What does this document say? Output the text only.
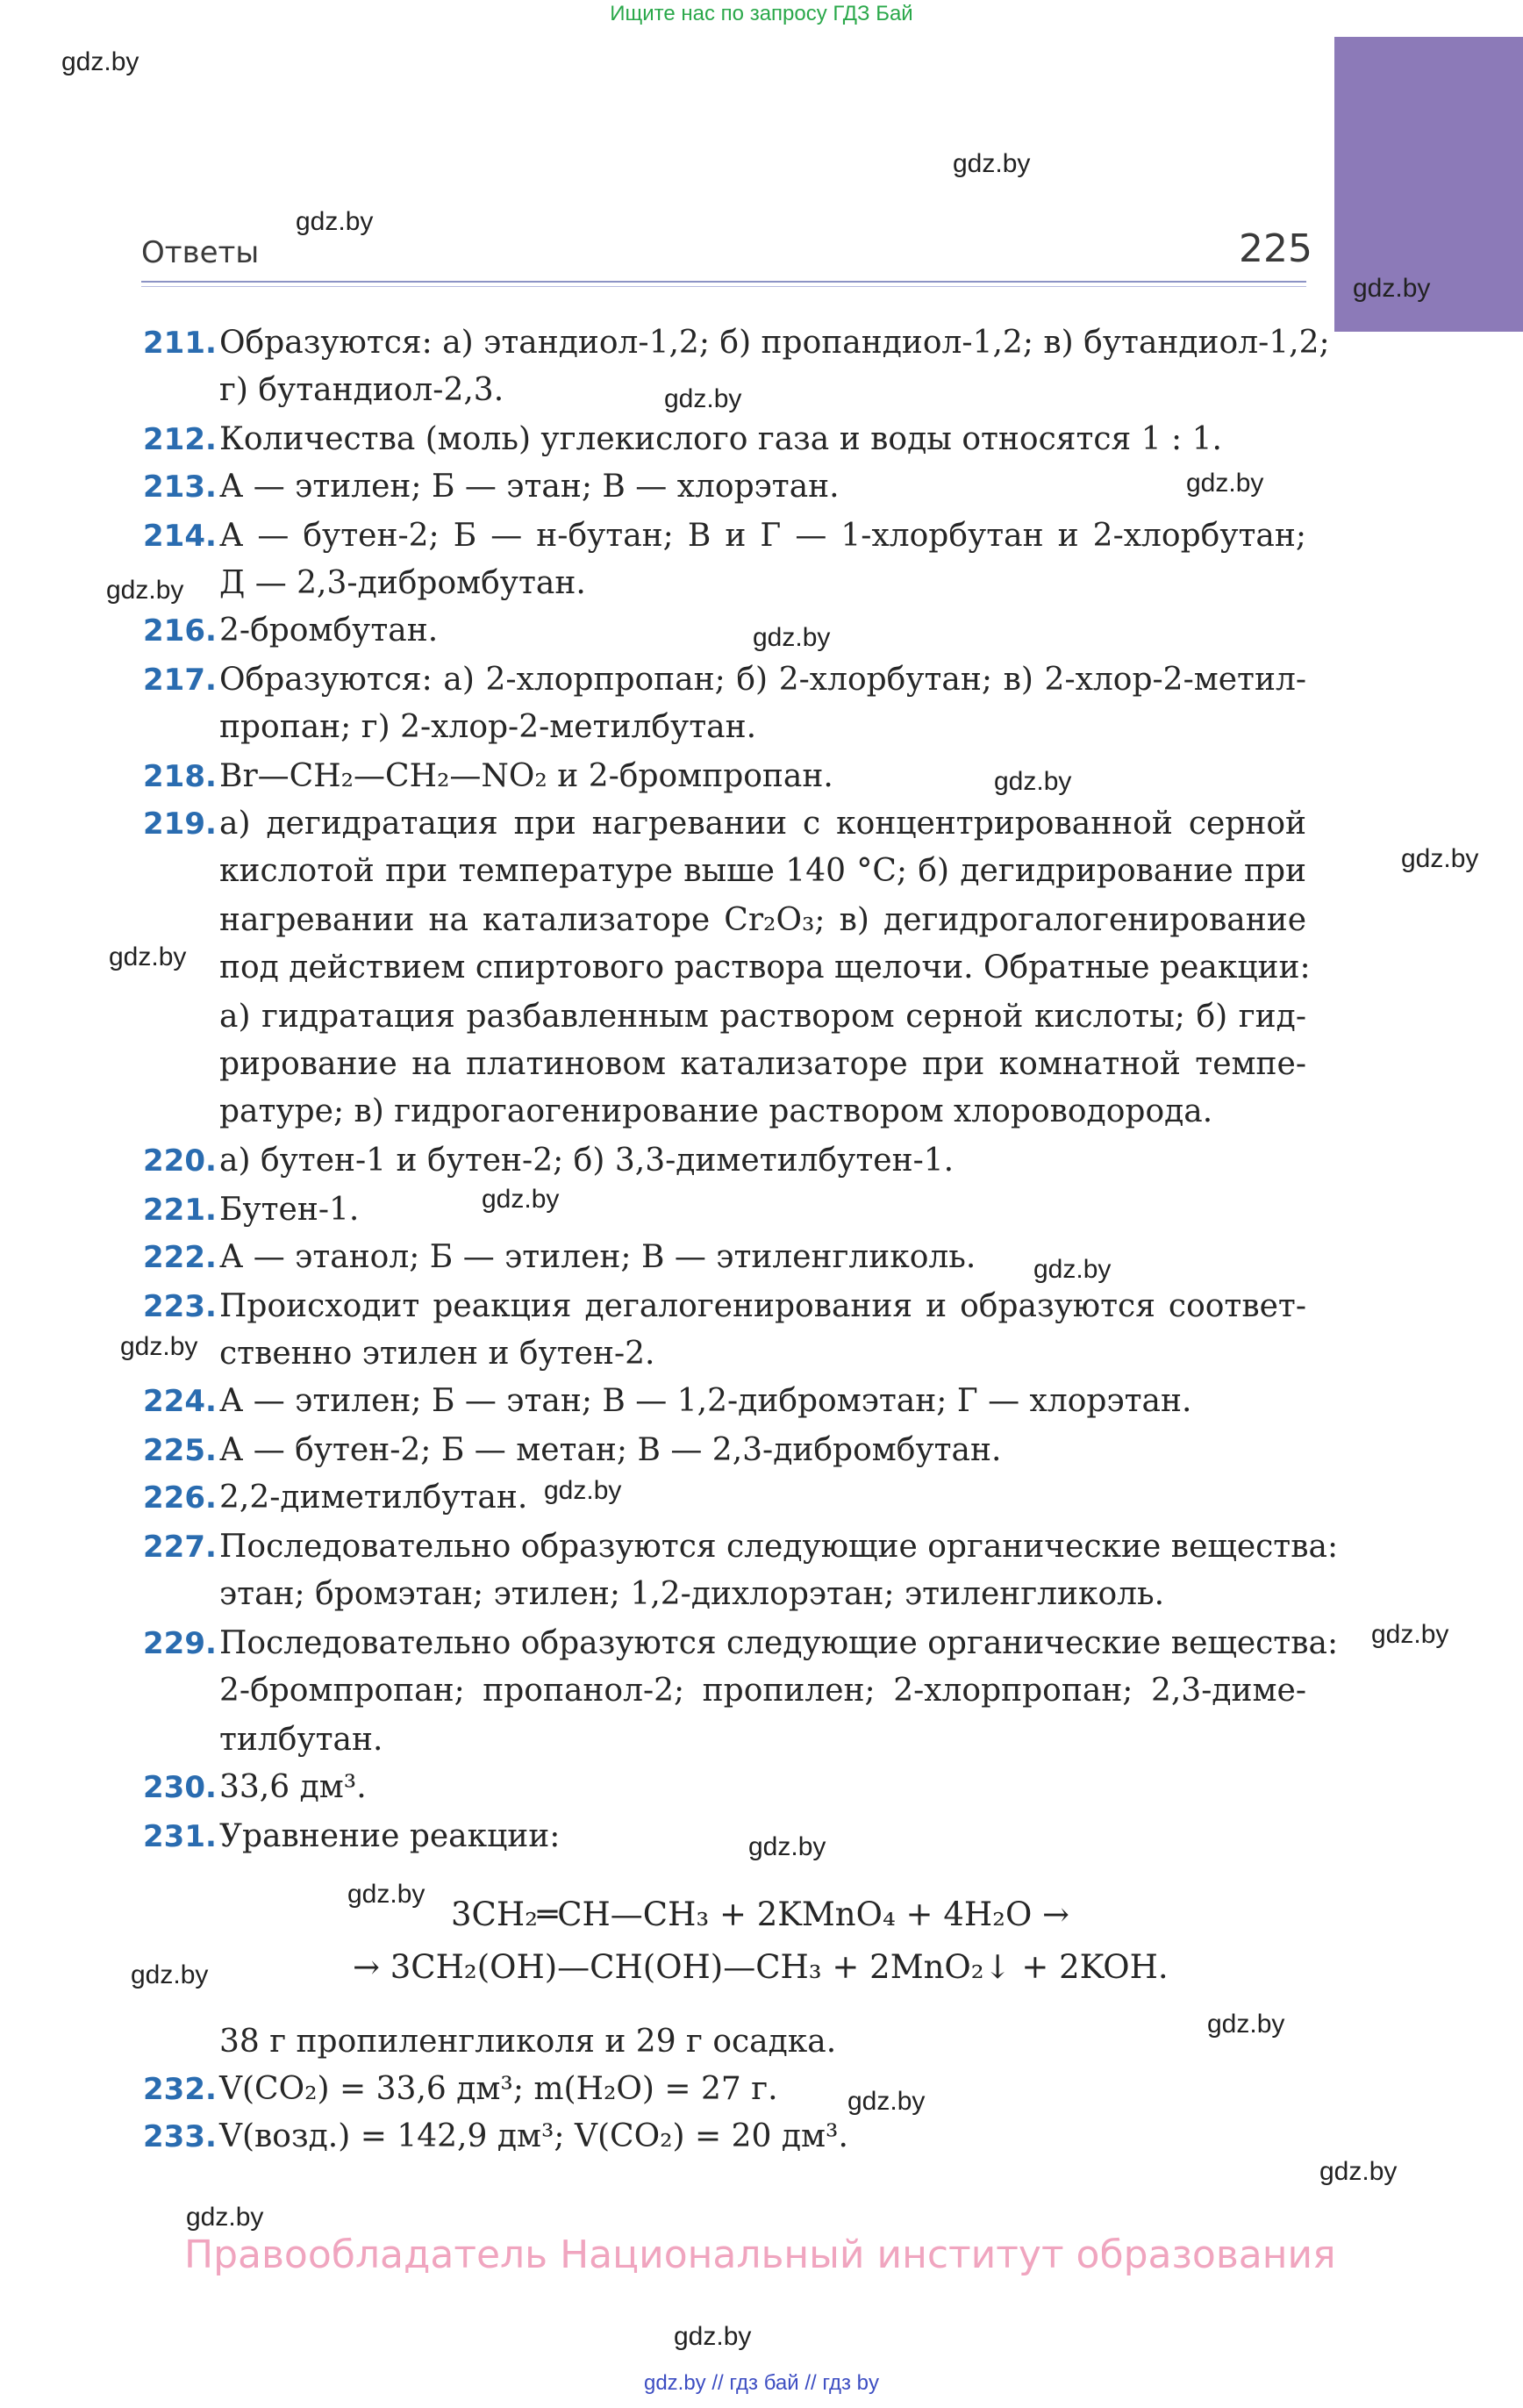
Ищите нас по запросу ГДЗ Бай
gdz.by
gdz.by
gdz.by
gdz.by
gdz.by
gdz.by
gdz.by
gdz.by
gdz.by
gdz.by
gdz.by
gdz.by
gdz.by
gdz.by
gdz.by
gdz.by
gdz.by
gdz.by
gdz.by
gdz.by
gdz.by
gdz.by
gdz.by
gdz.by
Ответы	225
211. Образуются: а) этандиол-1,2; б) пропандиол-1,2; в) бутандиол-1,2;
г) бутандиол-2,3.
212. Количества (моль) углекислого газа и воды относятся 1 : 1.
213. А — этилен; Б — этан; В — хлорэтан.
214. А — бутен-2; Б — н-бутан; В и Г — 1-хлорбутан и 2-хлорбутан;
Д — 2,3-дибромбутан.
216. 2-бромбутан.
217. Образуются: а) 2-хлорпропан; б) 2-хлорбутан; в) 2-хлор-2-метил-
пропан; г) 2-хлор-2-метилбутан.
218. Br—CH₂—CH₂—NO₂ и 2-бромпропан.
219. а) дегидратация при нагревании с концентрированной серной
кислотой при температуре выше 140 °C; б) дегидрирование при
нагревании на катализаторе Cr₂O₃; в) дегидрогалогенирование
под действием спиртового раствора щелочи. Обратные реакции:
а) гидратация разбавленным раствором серной кислоты; б) гид-
рирование на платиновом катализаторе при комнатной темпе-
ратуре; в) гидрогаогенирование раствором хлороводорода.
220. а) бутен-1 и бутен-2; б) 3,3-диметилбутен-1.
221. Бутен-1.
222. А — этанол; Б — этилен; В — этиленгликоль.
223. Происходит реакция дегалогенирования и образуются соответ-
ственно этилен и бутен-2.
224. А — этилен; Б — этан; В — 1,2-дибромэтан; Г — хлорэтан.
225. А — бутен-2; Б — метан; В — 2,3-дибромбутан.
226. 2,2-диметилбутан.
227. Последовательно образуются следующие органические вещества:
этан; бромэтан; этилен; 1,2-дихлорэтан; этиленгликоль.
229. Последовательно образуются следующие органические вещества:
2-бромпропан; пропанол-2; пропилен; 2-хлорпропан; 2,3-диме-
тилбутан.
230. 33,6 дм³.
231. Уравнение реакции:
3CH₂═CH—CH₃ + 2KMnO₄ + 4H₂O →
→ 3CH₂(OH)—CH(OH)—CH₃ + 2MnO₂↓ + 2KOH.
38 г пропиленгликоля и 29 г осадка.
232. V(CO₂) = 33,6 дм³; m(H₂O) = 27 г.
233. V(возд.) = 142,9 дм³; V(CO₂) = 20 дм³.
Правообладатель Национальный институт образования
gdz.by // гдз бай // гдз by
